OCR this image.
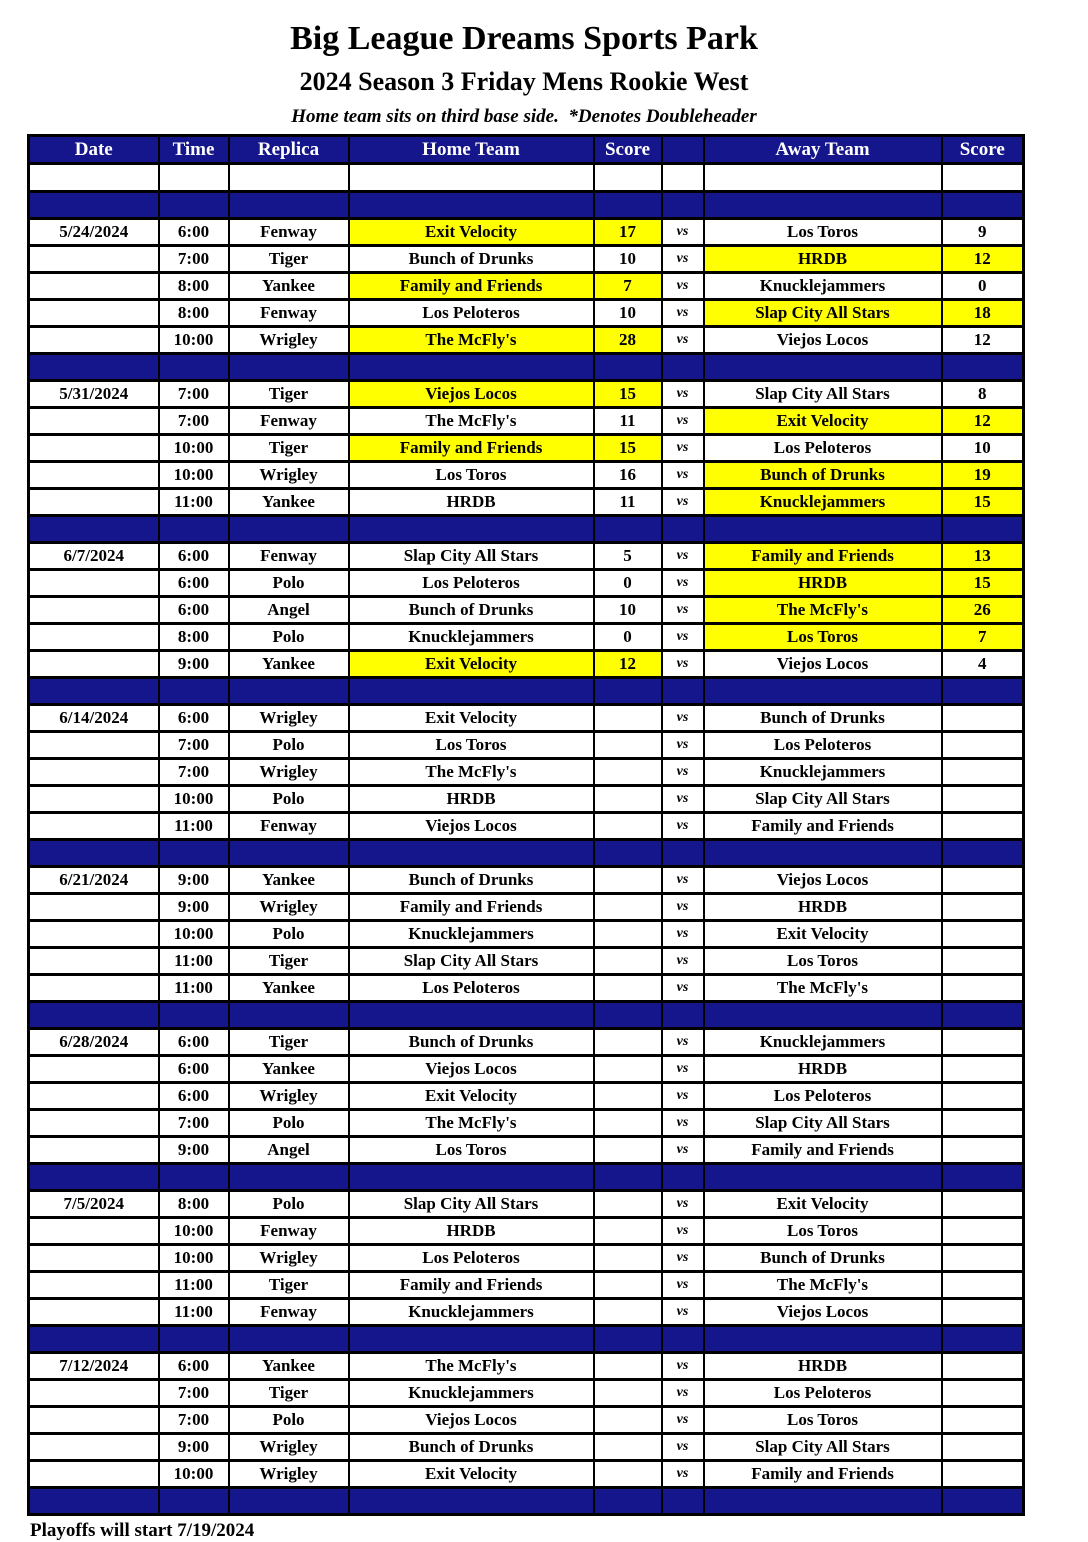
Big League Dreams Sports Park
2024 Season 3 Friday Mens Rookie West
Home team sits on third base side.  *Denotes Doubleheader
Date	Time	Replica	Home Team	Score		Away Team	Score

5/24/2024	6:00	Fenway	Exit Velocity	17	vs	Los Toros	9
	7:00	Tiger	Bunch of Drunks	10	vs	HRDB	12
	8:00	Yankee	Family and Friends	7	vs	Knucklejammers	0
	8:00	Fenway	Los Peloteros	10	vs	Slap City All Stars	18
	10:00	Wrigley	The McFly's	28	vs	Viejos Locos	12

5/31/2024	7:00	Tiger	Viejos Locos	15	vs	Slap City All Stars	8
	7:00	Fenway	The McFly's	11	vs	Exit Velocity	12
	10:00	Tiger	Family and Friends	15	vs	Los Peloteros	10
	10:00	Wrigley	Los Toros	16	vs	Bunch of Drunks	19
	11:00	Yankee	HRDB	11	vs	Knucklejammers	15

6/7/2024	6:00	Fenway	Slap City All Stars	5	vs	Family and Friends	13
	6:00	Polo	Los Peloteros	0	vs	HRDB	15
	6:00	Angel	Bunch of Drunks	10	vs	The McFly's	26
	8:00	Polo	Knucklejammers	0	vs	Los Toros	7
	9:00	Yankee	Exit Velocity	12	vs	Viejos Locos	4

6/14/2024	6:00	Wrigley	Exit Velocity		vs	Bunch of Drunks	
	7:00	Polo	Los Toros		vs	Los Peloteros	
	7:00	Wrigley	The McFly's		vs	Knucklejammers	
	10:00	Polo	HRDB		vs	Slap City All Stars	
	11:00	Fenway	Viejos Locos		vs	Family and Friends	

6/21/2024	9:00	Yankee	Bunch of Drunks		vs	Viejos Locos	
	9:00	Wrigley	Family and Friends		vs	HRDB	
	10:00	Polo	Knucklejammers		vs	Exit Velocity	
	11:00	Tiger	Slap City All Stars		vs	Los Toros	
	11:00	Yankee	Los Peloteros		vs	The McFly's	

6/28/2024	6:00	Tiger	Bunch of Drunks		vs	Knucklejammers	
	6:00	Yankee	Viejos Locos		vs	HRDB	
	6:00	Wrigley	Exit Velocity		vs	Los Peloteros	
	7:00	Polo	The McFly's		vs	Slap City All Stars	
	9:00	Angel	Los Toros		vs	Family and Friends	

7/5/2024	8:00	Polo	Slap City All Stars		vs	Exit Velocity	
	10:00	Fenway	HRDB		vs	Los Toros	
	10:00	Wrigley	Los Peloteros		vs	Bunch of Drunks	
	11:00	Tiger	Family and Friends		vs	The McFly's	
	11:00	Fenway	Knucklejammers		vs	Viejos Locos	

7/12/2024	6:00	Yankee	The McFly's		vs	HRDB	
	7:00	Tiger	Knucklejammers		vs	Los Peloteros	
	7:00	Polo	Viejos Locos		vs	Los Toros	
	9:00	Wrigley	Bunch of Drunks		vs	Slap City All Stars	
	10:00	Wrigley	Exit Velocity		vs	Family and Friends	

Playoffs will start 7/19/2024
